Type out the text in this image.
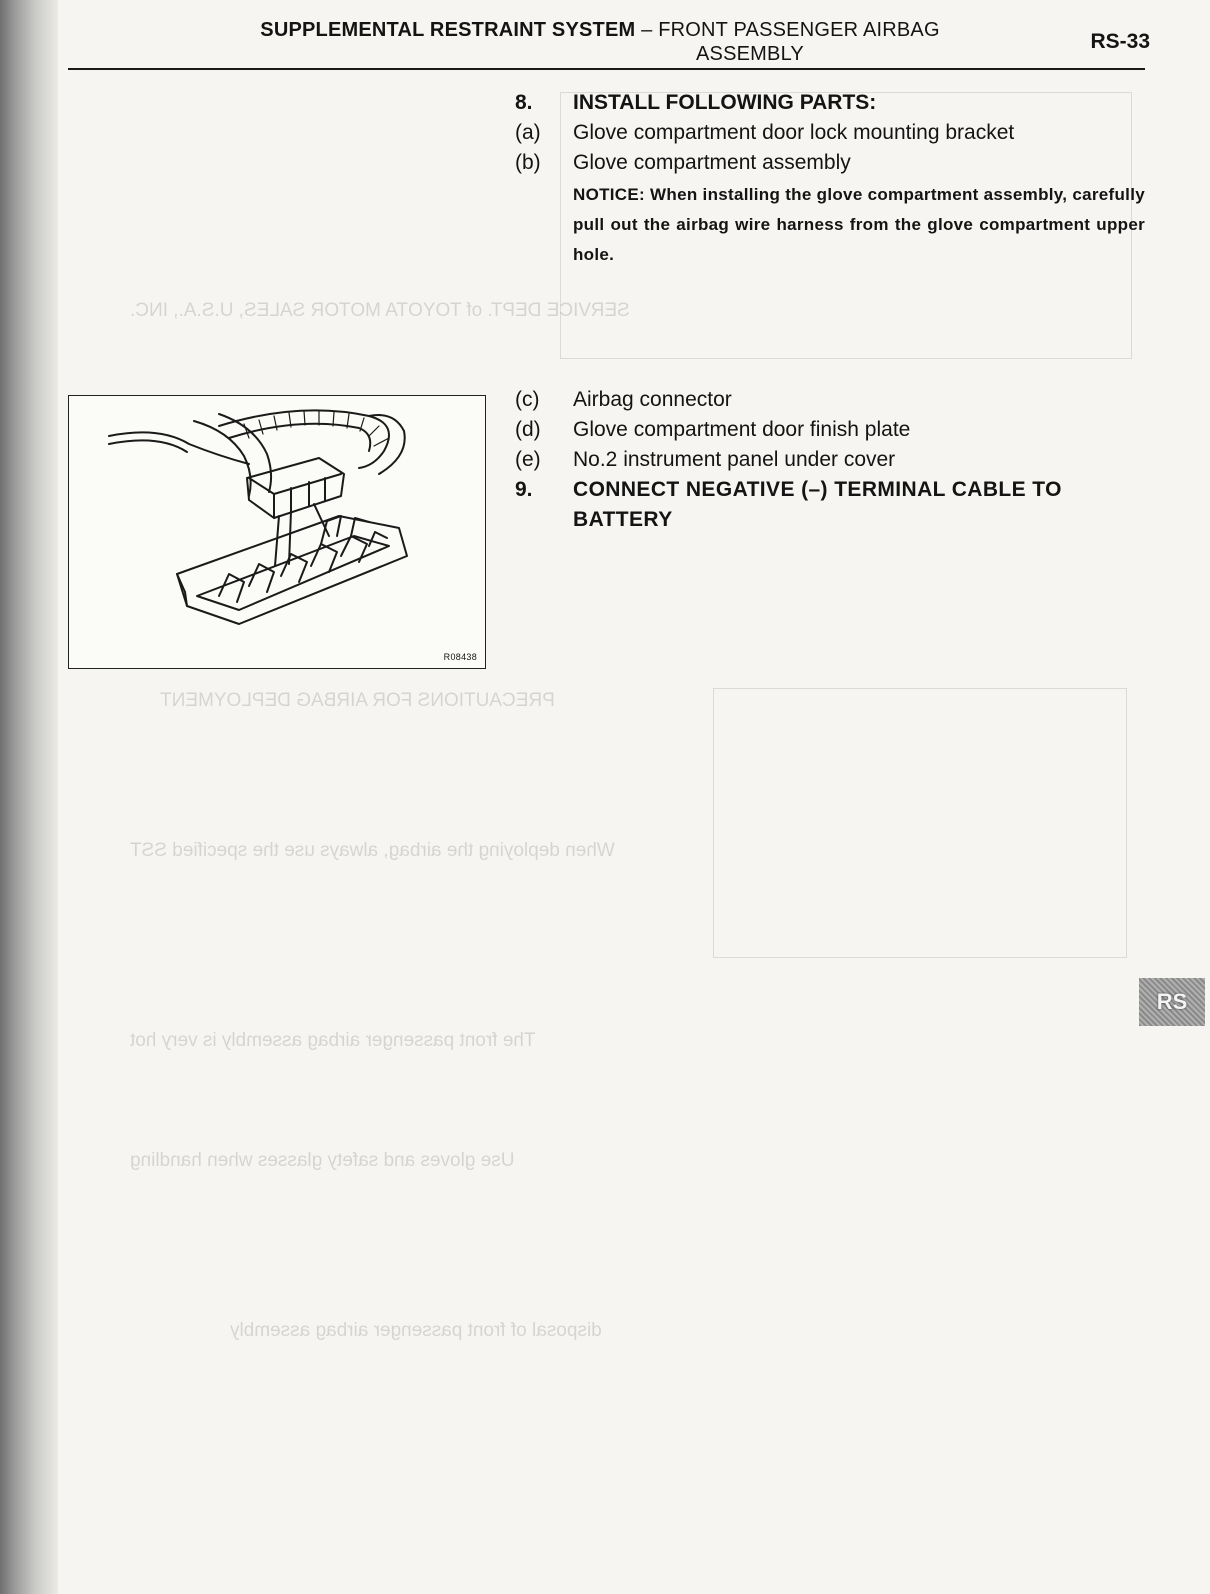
SERVICE DEPT. of TOYOTA MOTOR SALES, U.S.A., INC.
PRECAUTIONS FOR AIRBAG DEPLOYMENT
When deploying the airbag, always use the specified SST
The front passenger airbag assembly is very hot
Use gloves and safety glasses when handling
disposal of front passenger airbag assembly
SUPPLEMENTAL RESTRAINT SYSTEM – FRONT PASSENGER AIRBAG
ASSEMBLY
RS-33
8. INSTALL FOLLOWING PARTS:
(a) Glove compartment door lock mounting bracket
(b) Glove compartment assembly
NOTICE: When installing the glove compartment assembly, carefully pull out the airbag wire harness from the glove compartment upper hole.
R08438
(c) Airbag connector
(d) Glove compartment door finish plate
(e) No.2 instrument panel under cover
9. CONNECT NEGATIVE (–) TERMINAL CABLE TO BATTERY
RS
